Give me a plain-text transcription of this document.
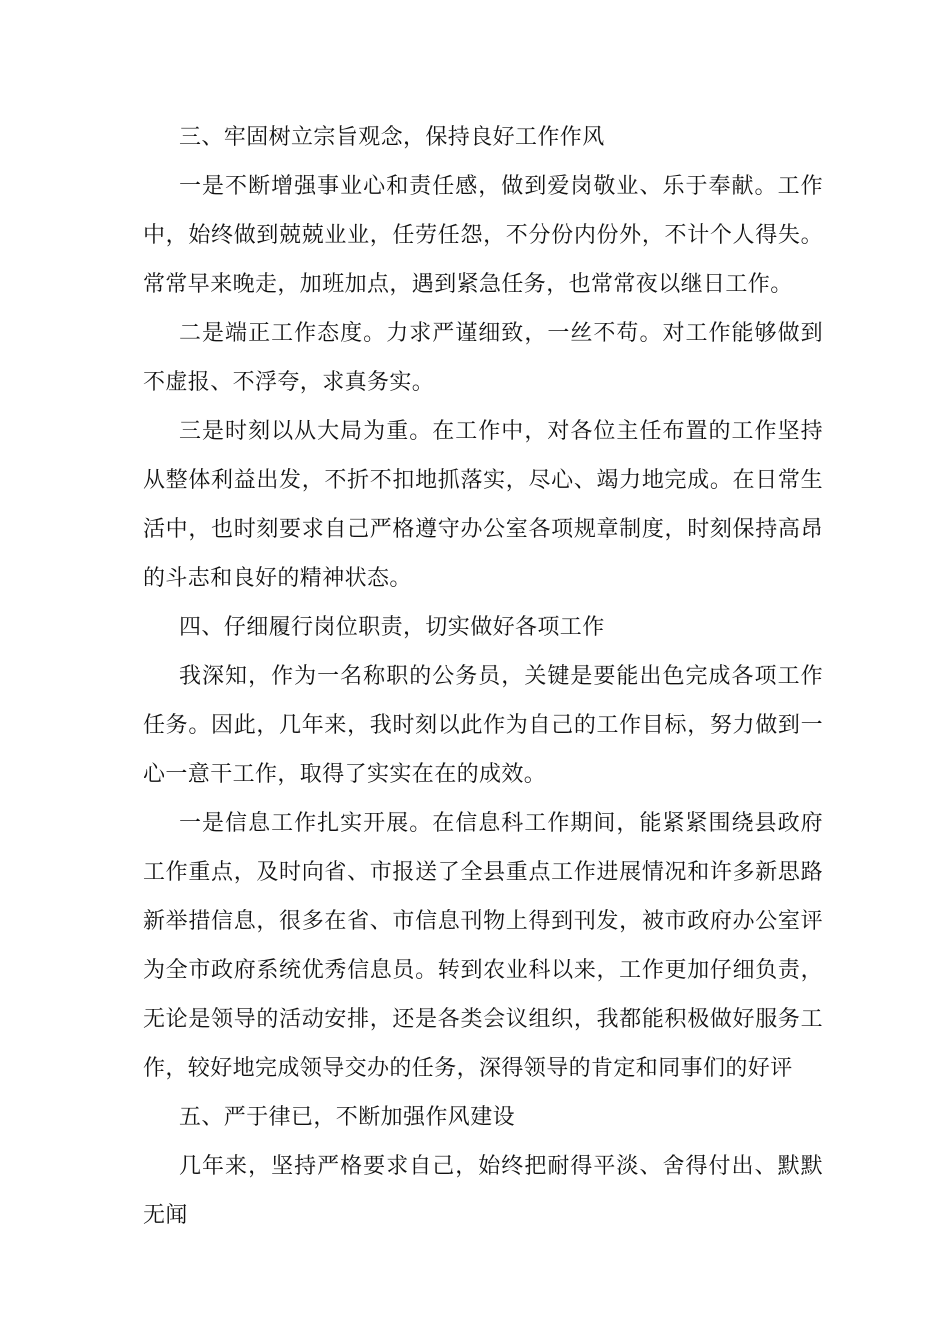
三、牢固树立宗旨观念，保持良好工作作风

一是不断增强事业心和责任感，做到爱岗敬业、乐于奉献。工作中，始终做到兢兢业业，任劳任怨，不分份内份外，不计个人得失。常常早来晚走，加班加点，遇到紧急任务，也常常夜以继日工作。

二是端正工作态度。力求严谨细致，一丝不苟。对工作能够做到不虚报、不浮夸，求真务实。

三是时刻以从大局为重。在工作中，对各位主任布置的工作坚持从整体利益出发，不折不扣地抓落实，尽心、竭力地完成。在日常生活中，也时刻要求自己严格遵守办公室各项规章制度，时刻保持高昂的斗志和良好的精神状态。

四、仔细履行岗位职责，切实做好各项工作

我深知，作为一名称职的公务员，关键是要能出色完成各项工作任务。因此，几年来，我时刻以此作为自己的工作目标，努力做到一心一意干工作，取得了实实在在的成效。

一是信息工作扎实开展。在信息科工作期间，能紧紧围绕县政府工作重点，及时向省、市报送了全县重点工作进展情况和许多新思路新举措信息，很多在省、市信息刊物上得到刊发，被市政府办公室评为全市政府系统优秀信息员。转到农业科以来，工作更加仔细负责，无论是领导的活动安排，还是各类会议组织，我都能积极做好服务工作，较好地完成领导交办的任务，深得领导的肯定和同事们的好评

五、严于律已，不断加强作风建设

几年来，坚持严格要求自己，始终把耐得平淡、舍得付出、默默无闻
